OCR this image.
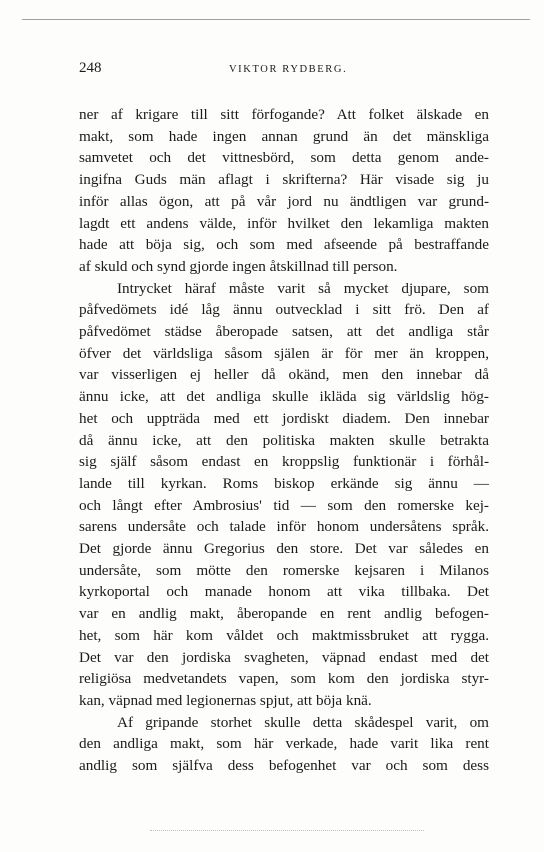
248	VIKTOR RYDBERG.
ner af krigare till sitt förfogande? Att folket älskade en
makt, som hade ingen annan grund än det mänskliga
samvetet och det vittnesbörd, som detta genom ande-
ingifna Guds män aflagt i skrifterna? Här visade sig ju
inför allas ögon, att på vår jord nu ändtligen var grund-
lagdt ett andens välde, inför hvilket den lekamliga makten
hade att böja sig, och som med afseende på bestraffande
af skuld och synd gjorde ingen åtskillnad till person.
Intrycket häraf måste varit så mycket djupare, som
påfvedömets idé låg ännu outvecklad i sitt frö. Den af
påfvedömet städse åberopade satsen, att det andliga står
öfver det världsliga såsom själen är för mer än kroppen,
var visserligen ej heller då okänd, men den innebar då
ännu icke, att det andliga skulle ikläda sig världslig hög-
het och uppträda med ett jordiskt diadem. Den innebar
då ännu icke, att den politiska makten skulle betrakta
sig själf såsom endast en kroppslig funktionär i förhål-
lande till kyrkan. Roms biskop erkände sig ännu —
och långt efter Ambrosius' tid — som den romerske kej-
sarens undersåte och talade inför honom undersåtens språk.
Det gjorde ännu Gregorius den store. Det var således en
undersåte, som mötte den romerske kejsaren i Milanos
kyrkoportal och manade honom att vika tillbaka. Det
var en andlig makt, åberopande en rent andlig befogen-
het, som här kom våldet och maktmissbruket att rygga.
Det var den jordiska svagheten, väpnad endast med det
religiösa medvetandets vapen, som kom den jordiska styr-
kan, väpnad med legionernas spjut, att böja knä.
Af gripande storhet skulle detta skådespel varit, om
den andliga makt, som här verkade, hade varit lika rent
andlig som själfva dess befogenhet var och som dess
